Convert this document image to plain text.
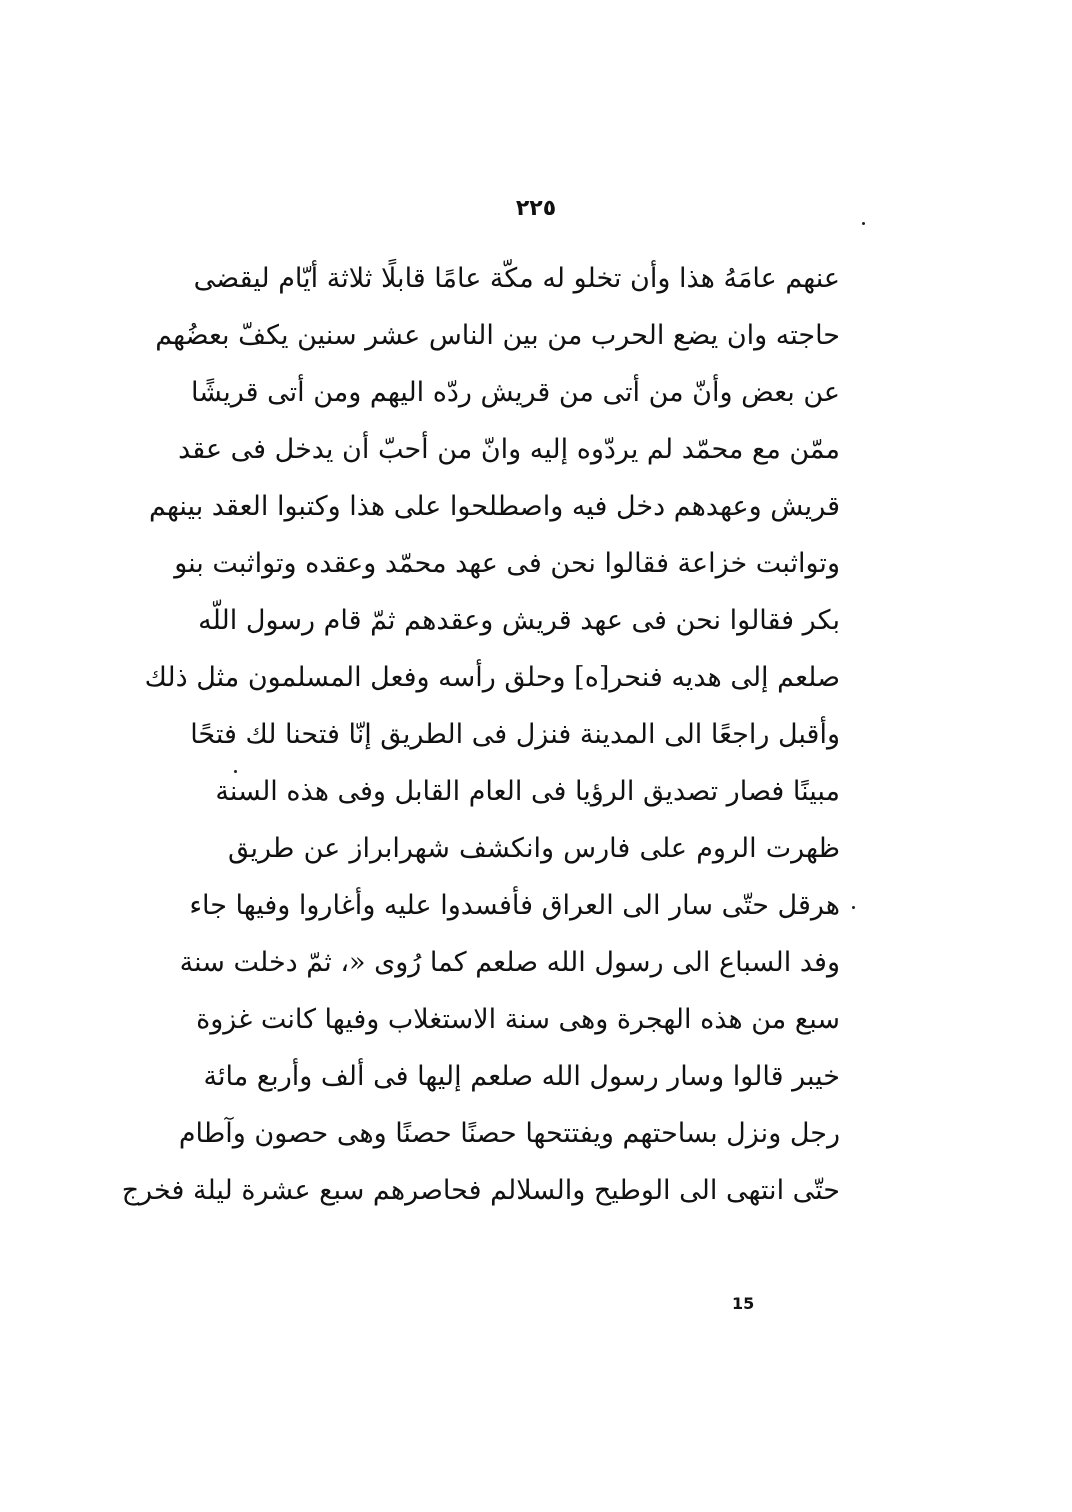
٢٢٥
عنهم عامَهُ هذا وأن تخلو له مكّة عامًا قابلًا ثلاثة أيّام ليقضى
حاجته وان يضع الحرب من بين الناس عشر سنين يكفّ بعضُهم
عن بعض وأنّ من أتى من قريش ردّه اليهم ومن أتى قريشًا
ممّن مع محمّد لم يردّوه إليه وانّ من أحبّ أن يدخل فى عقد
قريش وعهدهم دخل فيه واصطلحوا على هذا وكتبوا العقد بينهم
وتواثبت خزاعة فقالوا نحن فى عهد محمّد وعقده وتواثبت بنو
بكر فقالوا نحن فى عهد قريش وعقدهم ثمّ قام رسول اللّه
صلعم إلى هديه فنحر[ه] وحلق رأسه وفعل المسلمون مثل ذلك
وأقبل راجعًا الى المدينة فنزل فى الطريق إنّا فتحنا لك فتحًا
مبينًا فصار تصديق الرؤيا فى العام القابل وفى هذه السنة
ظهرت الروم على فارس وانكشف شهرابراز عن طريق
هرقل حتّى سار الى العراق فأفسدوا عليه وأغاروا وفيها جاء
وفد السباع الى رسول الله صلعم كما رُوى «، ثمّ دخلت سنة
سبع من هذه الهجرة وهى سنة الاستغلاب وفيها كانت غزوة
خيبر قالوا وسار رسول الله صلعم إليها فى ألف وأربع مائة
رجل ونزل بساحتهم ويفتتحها حصنًا حصنًا وهى حصون وآطام
حتّى انتهى الى الوطيح والسلالم فحاصرهم سبع عشرة ليلة فخرج
15
